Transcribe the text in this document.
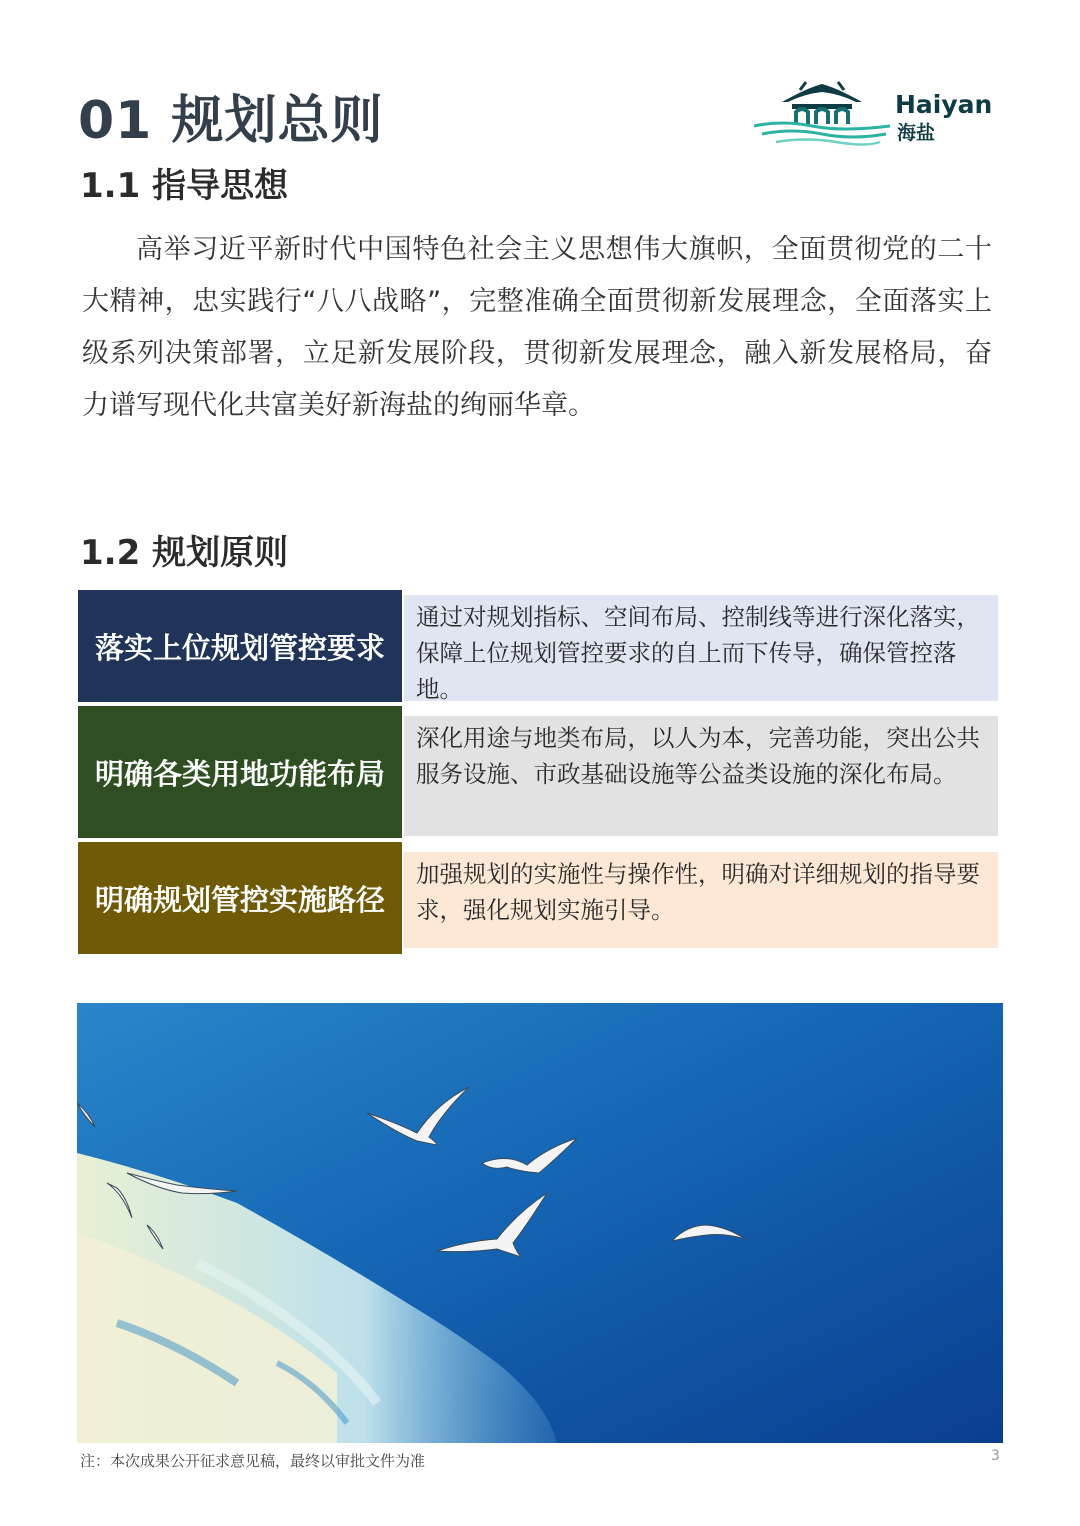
01 规划总则	Haiyan
海盐
1.1 指导思想

高举习近平新时代中国特色社会主义思想伟大旗帜，全面贯彻党的二十大精神，忠实践行“八八战略”，完整准确全面贯彻新发展理念，全面落实上级系列决策部署，立足新发展阶段，贯彻新发展理念，融入新发展格局，奋力谱写现代化共富美好新海盐的绚丽华章。

1.2 规划原则
落实上位规划管控要求
通过对规划指标、空间布局、控制线等进行深化落实，保障上位规划管控要求的自上而下传导，确保管控落地。
明确各类用地功能布局
深化用途与地类布局，以人为本，完善功能，突出公共服务设施、市政基础设施等公益类设施的深化布局。
明确规划管控实施路径
加强规划的实施性与操作性，明确对详细规划的指导要求，强化规划实施引导。
注：本次成果公开征求意见稿，最终以审批文件为准	3
